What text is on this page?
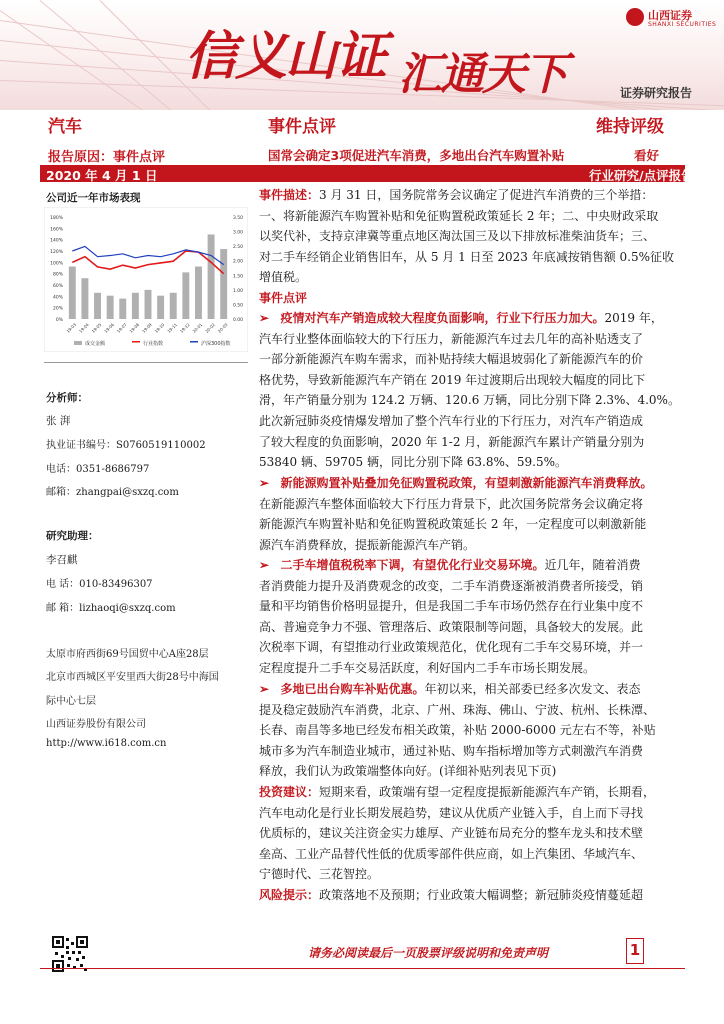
信义山证 汇通天下
山西证券
SHANXI SECURITIES
证券研究报告
汽车	事件点评	维持评级
报告原因：事件点评	国常会确定3项促进汽车消费，多地出台汽车购置补贴	看好
2020 年 4 月 1 日	行业研究/点评报告
公司近一年市场表现
180%
160%
140%
120%
100%
80%
60%
40%
20%
0%
3.50
3.00
2.50
2.00
1.50
1.00
0.50
0.00
19-03 19-04 19-05 19-06 19-07 19-08 19-09 19-10 19-11 19-12 20-01 20-02 20-03
成交金额	行业指数	沪深300指数
分析师：
张 湃
执业证书编号：S0760519110002
电话：0351-8686797
邮箱：zhangpai@sxzq.com
研究助理：
李召麒
电 话：010-83496307
邮 箱：lizhaoqi@sxzq.com
太原市府西街69号国贸中心A座28层
北京市西城区平安里西大街28号中海国
际中心七层
山西证券股份有限公司
http://www.i618.com.cn

事件描述：3 月 31 日，国务院常务会议确定了促进汽车消费的三个举措：
一、将新能源汽车购置补贴和免征购置税政策延长 2 年；二、中央财政采取
以奖代补，支持京津冀等重点地区淘汰国三及以下排放标准柴油货车；三、
对二手车经销企业销售旧车，从 5 月 1 日至 2023 年底减按销售额 0.5%征收
增值税。

事件点评

➢ 疫情对汽车产销造成较大程度负面影响，行业下行压力加大。2019 年，
汽车行业整体面临较大的下行压力，新能源汽车过去几年的高补贴透支了
一部分新能源汽车购车需求，而补贴持续大幅退坡弱化了新能源汽车的价
格优势，导致新能源汽车产销在 2019 年过渡期后出现较大幅度的同比下
滑，年产销量分别为 124.2 万辆、120.6 万辆，同比分别下降 2.3%、4.0%。
此次新冠肺炎疫情爆发增加了整个汽车行业的下行压力，对汽车产销造成
了较大程度的负面影响，2020 年 1-2 月，新能源汽车累计产销量分别为
53840 辆、59705 辆，同比分别下降 63.8%、59.5%。

➢ 新能源购置补贴叠加免征购置税政策，有望刺激新能源汽车消费释放。
在新能源汽车整体面临较大下行压力背景下，此次国务院常务会议确定将
新能源汽车购置补贴和免征购置税政策延长 2 年，一定程度可以刺激新能
源汽车消费释放，提振新能源汽车产销。

➢ 二手车增值税税率下调，有望优化行业交易环境。近几年，随着消费
者消费能力提升及消费观念的改变，二手车消费逐渐被消费者所接受，销
量和平均销售价格明显提升，但是我国二手车市场仍然存在行业集中度不
高、普遍竞争力不强、管理落后、政策限制等问题，具备较大的发展。此
次税率下调，有望推动行业政策规范化，优化现有二手车交易环境，并一
定程度提升二手车交易活跃度，利好国内二手车市场长期发展。

➢ 多地已出台购车补贴优惠。年初以来，相关部委已经多次发文、表态
提及稳定鼓励汽车消费，北京、广州、珠海、佛山、宁波、杭州、长株潭、
长春、南昌等多地已经发布相关政策，补贴 2000-6000 元左右不等，补贴
城市多为汽车制造业城市，通过补贴、购车指标增加等方式刺激汽车消费
释放，我们认为政策端整体向好。(详细补贴列表见下页)

投资建议：短期来看，政策端有望一定程度提振新能源汽车产销，长期看，
汽车电动化是行业长期发展趋势，建议从优质产业链入手，自上而下寻找
优质标的，建议关注资金实力雄厚、产业链布局充分的整车龙头和技术壁
垒高、工业产品替代性低的优质零部件供应商，如上汽集团、华域汽车、
宁德时代、三花智控。

风险提示：政策落地不及预期；行业政策大幅调整；新冠肺炎疫情蔓延超

请务必阅读最后一页股票评级说明和免责声明	1
